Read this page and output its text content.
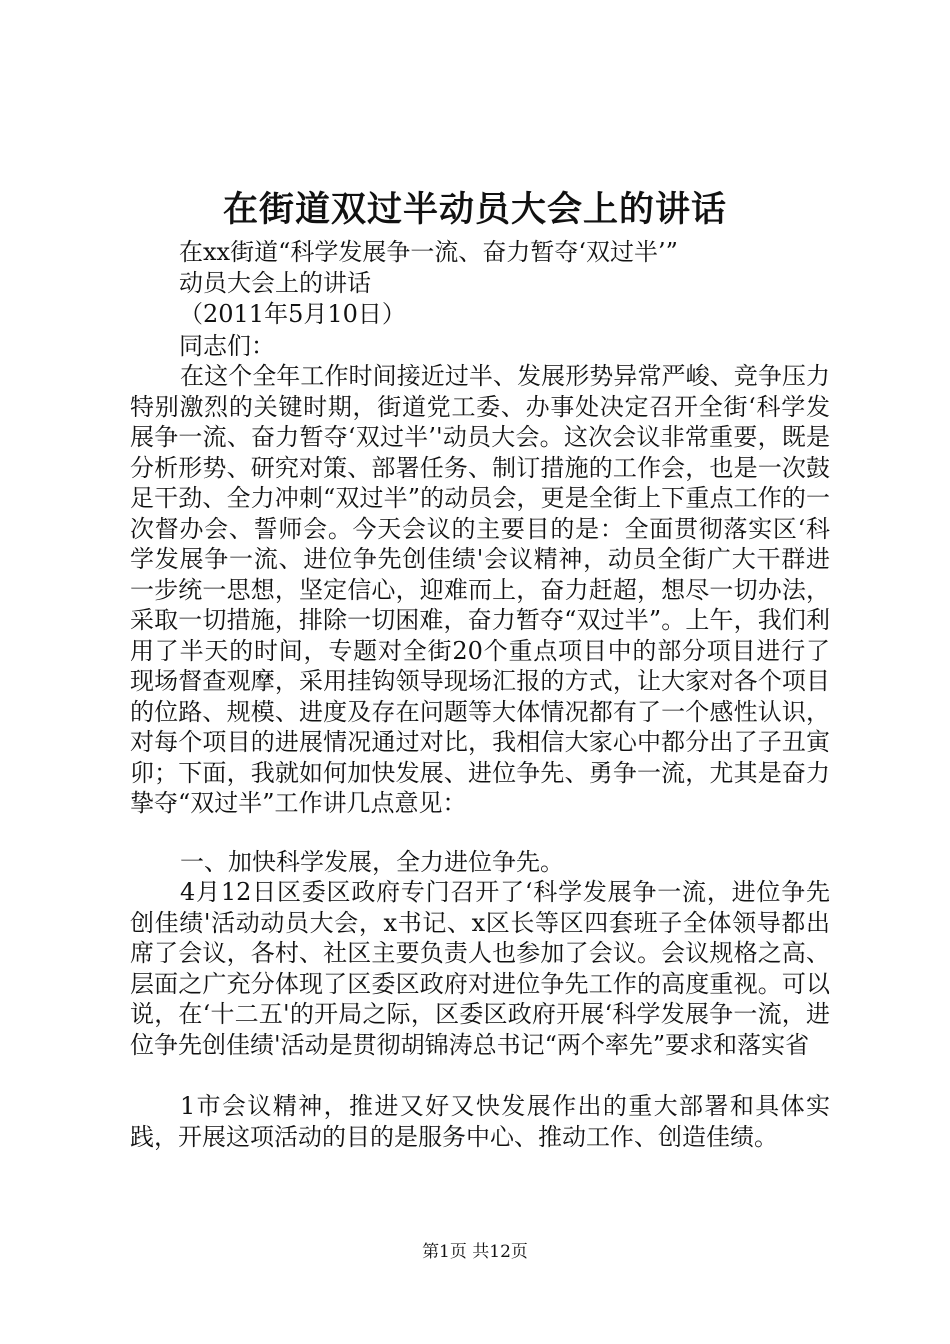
在街道双过半动员大会上的讲话
在xx街道“科学发展争一流、奋力暂夺‘双过半’”
动员大会上的讲话
（2011年5月10日）
同志们：

在这个全年工作时间接近过半、发展形势异常严峻、竞争压力特别激烈的关键时期，街道党工委、办事处决定召开全街‘科学发展争一流、奋力暂夺‘双过半’'动员大会。这次会议非常重要，既是分析形势、研究对策、部署任务、制订措施的工作会，也是一次鼓足干劲、全力冲刺“双过半”的动员会，更是全街上下重点工作的一次督办会、誓师会。今天会议的主要目的是：全面贯彻落实区‘科学发展争一流、进位争先创佳绩'会议精神，动员全街广大干群进一步统一思想，坚定信心，迎难而上，奋力赶超，想尽一切办法，采取一切措施，排除一切困难，奋力暂夺“双过半”。上午，我们利用了半天的时间，专题对全街20个重点项目中的部分项目进行了现场督查观摩，采用挂钩领导现场汇报的方式，让大家对各个项目的位路、规模、进度及存在问题等大体情况都有了一个感性认识，对每个项目的进展情况通过对比，我相信大家心中都分出了子丑寅卯；下面，我就如何加快发展、进位争先、勇争一流，尤其是奋力挚夺“双过半”工作讲几点意见：

一、加快科学发展，全力进位争先。

4月12日区委区政府专门召开了‘科学发展争一流，进位争先创佳绩'活动动员大会，x书记、x区长等区四套班子全体领导都出席了会议，各村、社区主要负责人也参加了会议。会议规格之高、层面之广充分体现了区委区政府对进位争先工作的高度重视。可以说，在‘十二五'的开局之际，区委区政府开展‘科学发展争一流，进位争先创佳绩'活动是贯彻胡锦涛总书记“两个率先”要求和落实省

1市会议精神，推进又好又快发展作出的重大部署和具体实践，开展这项活动的目的是服务中心、推动工作、创造佳绩。

第1页 共12页
